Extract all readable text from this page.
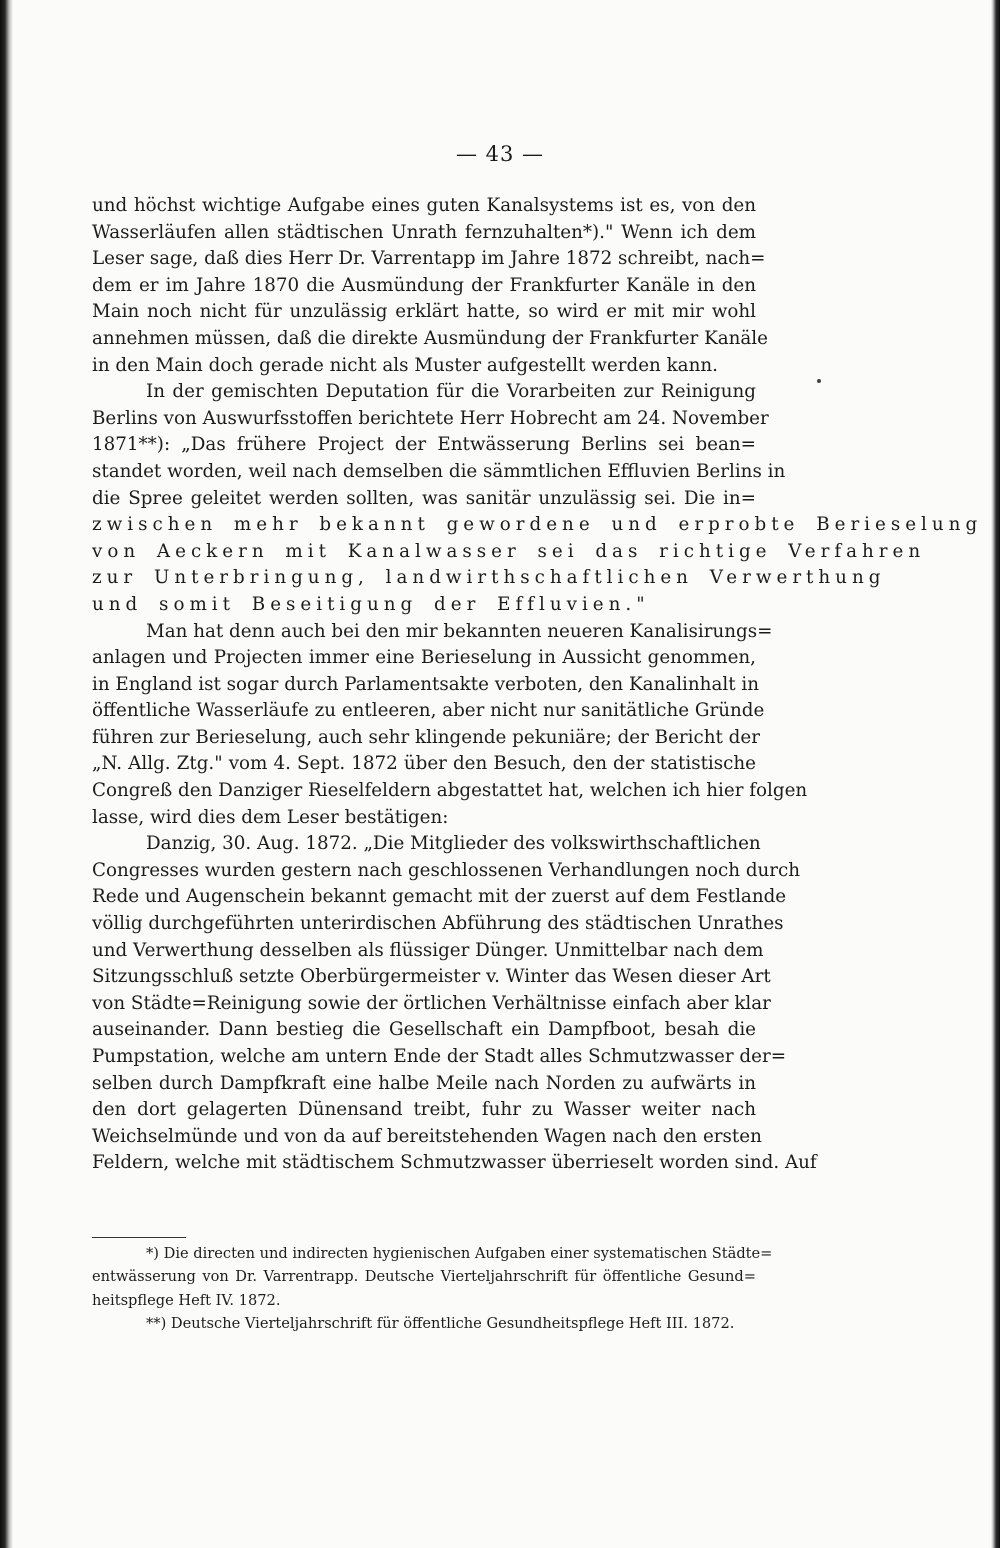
— 43 —
und höchst wichtige Aufgabe eines guten Kanalsystems ist es, von den
Wasserläufen allen städtischen Unrath fernzuhalten*)." Wenn ich dem
Leser sage, daß dies Herr Dr. Varrentapp im Jahre 1872 schreibt, nach=
dem er im Jahre 1870 die Ausmündung der Frankfurter Kanäle in den
Main noch nicht für unzulässig erklärt hatte, so wird er mit mir wohl
annehmen müssen, daß die direkte Ausmündung der Frankfurter Kanäle
in den Main doch gerade nicht als Muster aufgestellt werden kann.
In der gemischten Deputation für die Vorarbeiten zur Reinigung
Berlins von Auswurfsstoffen berichtete Herr Hobrecht am 24. November
1871**): „Das frühere Project der Entwässerung Berlins sei bean=
standet worden, weil nach demselben die sämmtlichen Effluvien Berlins in
die Spree geleitet werden sollten, was sanitär unzulässig sei. Die in=
zwischen mehr bekannt gewordene und erprobte Berieselung
von Aeckern mit Kanalwasser sei das richtige Verfahren
zur Unterbringung, landwirthschaftlichen Verwerthung
und somit Beseitigung der Effluvien."
Man hat denn auch bei den mir bekannten neueren Kanalisirungs=
anlagen und Projecten immer eine Berieselung in Aussicht genommen,
in England ist sogar durch Parlamentsakte verboten, den Kanalinhalt in
öffentliche Wasserläufe zu entleeren, aber nicht nur sanitätliche Gründe
führen zur Berieselung, auch sehr klingende pekuniäre; der Bericht der
„N. Allg. Ztg." vom 4. Sept. 1872 über den Besuch, den der statistische
Congreß den Danziger Rieselfeldern abgestattet hat, welchen ich hier folgen
lasse, wird dies dem Leser bestätigen:
Danzig, 30. Aug. 1872. „Die Mitglieder des volkswirthschaftlichen
Congresses wurden gestern nach geschlossenen Verhandlungen noch durch
Rede und Augenschein bekannt gemacht mit der zuerst auf dem Festlande
völlig durchgeführten unterirdischen Abführung des städtischen Unrathes
und Verwerthung desselben als flüssiger Dünger. Unmittelbar nach dem
Sitzungsschluß setzte Oberbürgermeister v. Winter das Wesen dieser Art
von Städte=Reinigung sowie der örtlichen Verhältnisse einfach aber klar
auseinander. Dann bestieg die Gesellschaft ein Dampfboot, besah die
Pumpstation, welche am untern Ende der Stadt alles Schmutzwasser der=
selben durch Dampfkraft eine halbe Meile nach Norden zu aufwärts in
den dort gelagerten Dünensand treibt, fuhr zu Wasser weiter nach
Weichselmünde und von da auf bereitstehenden Wagen nach den ersten
Feldern, welche mit städtischem Schmutzwasser überrieselt worden sind. Auf
*) Die directen und indirecten hygienischen Aufgaben einer systematischen Städte=
entwässerung von Dr. Varrentrapp. Deutsche Vierteljahrschrift für öffentliche Gesund=
heitspflege Heft IV. 1872.
**) Deutsche Vierteljahrschrift für öffentliche Gesundheitspflege Heft III. 1872.
